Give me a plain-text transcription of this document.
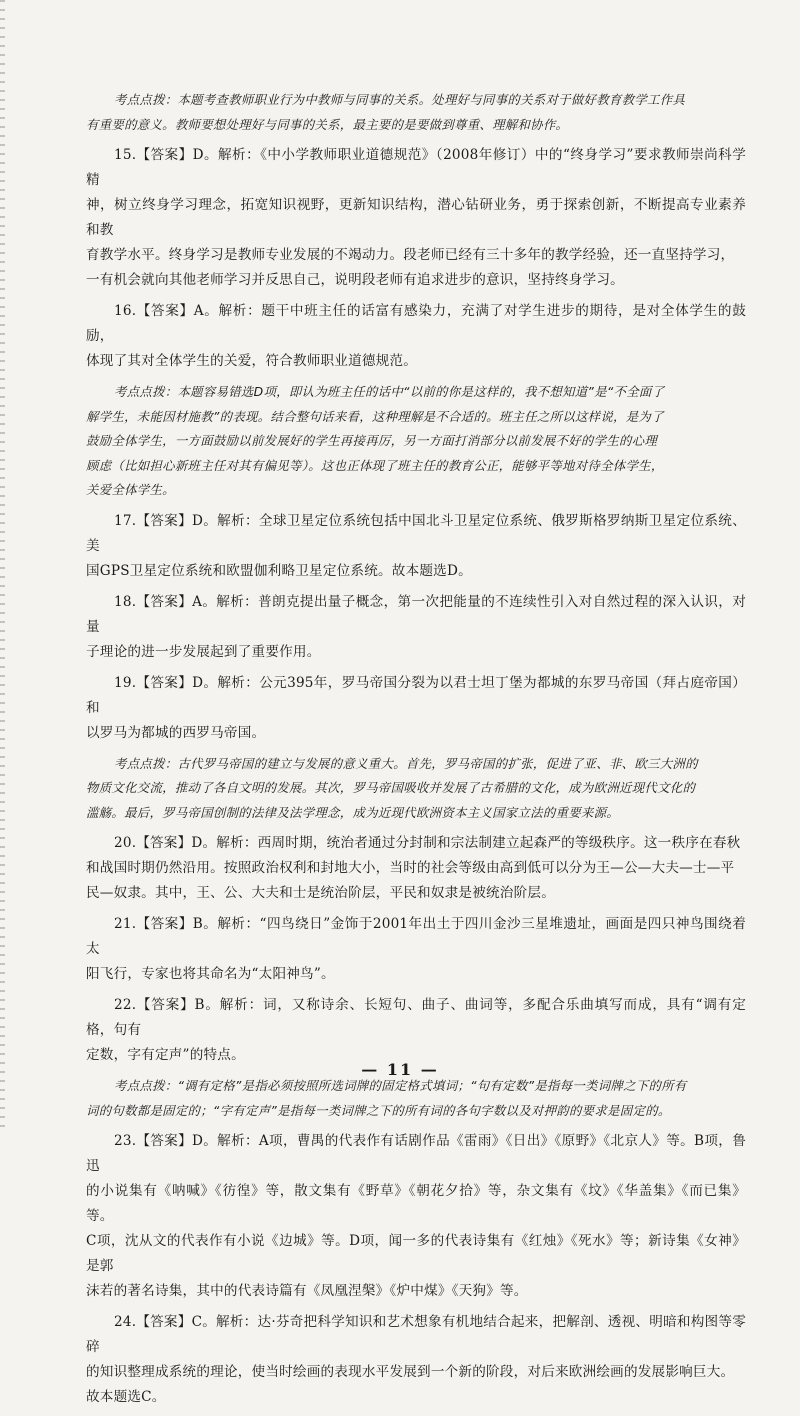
考点点拨：本题考查教师职业行为中教师与同事的关系。处理好与同事的关系对于做好教育教学工作具

有重要的意义。教师要想处理好与同事的关系，最主要的是要做到尊重、理解和协作。

15.【答案】D。解析：《中小学教师职业道德规范》（2008年修订）中的“终身学习”要求教师崇尚科学精

神，树立终身学习理念，拓宽知识视野，更新知识结构，潜心钻研业务，勇于探索创新，不断提高专业素养和教

育教学水平。终身学习是教师专业发展的不竭动力。段老师已经有三十多年的教学经验，还一直坚持学习，

一有机会就向其他老师学习并反思自己，说明段老师有追求进步的意识，坚持终身学习。

16.【答案】A。解析：题干中班主任的话富有感染力，充满了对学生进步的期待，是对全体学生的鼓励，

体现了其对全体学生的关爱，符合教师职业道德规范。

考点点拨：本题容易错选D项，即认为班主任的话中“以前的你是这样的，我不想知道”是“不全面了

解学生，未能因材施教”的表现。结合整句话来看，这种理解是不合适的。班主任之所以这样说，是为了

鼓励全体学生，一方面鼓励以前发展好的学生再接再厉，另一方面打消部分以前发展不好的学生的心理

顾虑（比如担心新班主任对其有偏见等）。这也正体现了班主任的教育公正，能够平等地对待全体学生，

关爱全体学生。

17.【答案】D。解析：全球卫星定位系统包括中国北斗卫星定位系统、俄罗斯格罗纳斯卫星定位系统、美

国GPS卫星定位系统和欧盟伽利略卫星定位系统。故本题选D。

18.【答案】A。解析：普朗克提出量子概念，第一次把能量的不连续性引入对自然过程的深入认识，对量

子理论的进一步发展起到了重要作用。

19.【答案】D。解析：公元395年，罗马帝国分裂为以君士坦丁堡为都城的东罗马帝国（拜占庭帝国）和

以罗马为都城的西罗马帝国。

考点点拨：古代罗马帝国的建立与发展的意义重大。首先，罗马帝国的扩张，促进了亚、非、欧三大洲的

物质文化交流，推动了各自文明的发展。其次，罗马帝国吸收并发展了古希腊的文化，成为欧洲近现代文化的

滥觞。最后，罗马帝国创制的法律及法学理念，成为近现代欧洲资本主义国家立法的重要来源。

20.【答案】D。解析：西周时期，统治者通过分封制和宗法制建立起森严的等级秩序。这一秩序在春秋

和战国时期仍然沿用。按照政治权利和封地大小，当时的社会等级由高到低可以分为王—公—大夫—士—平

民—奴隶。其中，王、公、大夫和士是统治阶层，平民和奴隶是被统治阶层。

21.【答案】B。解析：“四鸟绕日”金饰于2001年出土于四川金沙三星堆遗址，画面是四只神鸟围绕着太

阳飞行，专家也将其命名为“太阳神鸟”。

22.【答案】B。解析：词，又称诗余、长短句、曲子、曲词等，多配合乐曲填写而成，具有“调有定格，句有

定数，字有定声”的特点。

考点点拨：“调有定格”是指必须按照所选词牌的固定格式填词；“句有定数”是指每一类词牌之下的所有

词的句数都是固定的；“字有定声”是指每一类词牌之下的所有词的各句字数以及对押韵的要求是固定的。

23.【答案】D。解析：A项，曹禺的代表作有话剧作品《雷雨》《日出》《原野》《北京人》等。B项，鲁迅

的小说集有《呐喊》《彷徨》等，散文集有《野草》《朝花夕拾》等，杂文集有《坟》《华盖集》《而已集》等。

C项，沈从文的代表作有小说《边城》等。D项，闻一多的代表诗集有《红烛》《死水》等；新诗集《女神》是郭

沫若的著名诗集，其中的代表诗篇有《凤凰涅槃》《炉中煤》《天狗》等。

24.【答案】C。解析：达·芬奇把科学知识和艺术想象有机地结合起来，把解剖、透视、明暗和构图等零碎

的知识整理成系统的理论，使当时绘画的表现水平发展到一个新的阶段，对后来欧洲绘画的发展影响巨大。

故本题选C。

— 11 —
